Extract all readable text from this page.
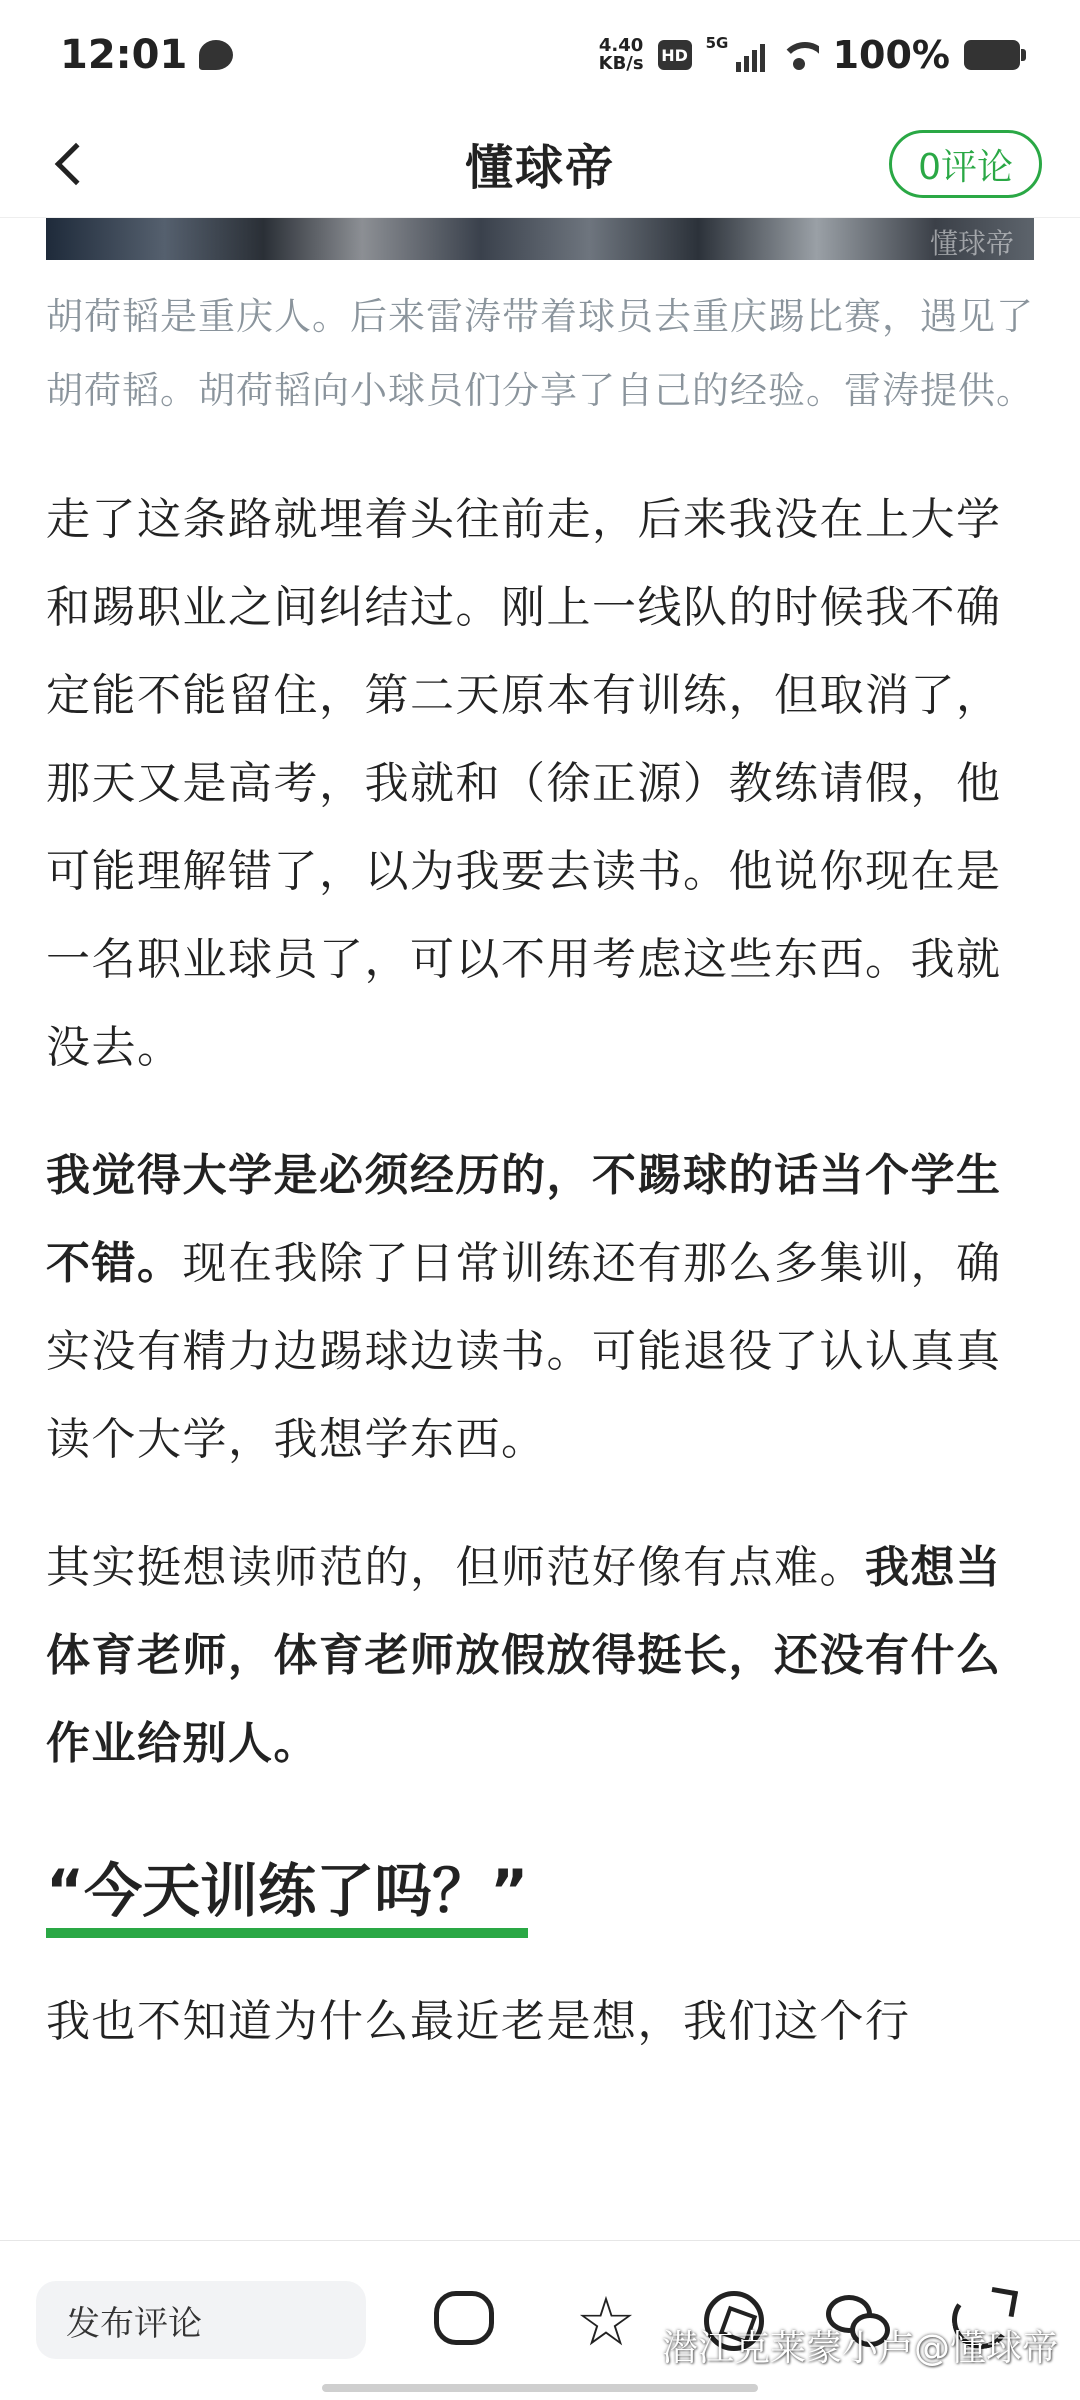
12:01	4.40
KB/s HD
5G	100%
懂球帝	0评论
懂球帝

胡荷韬是重庆人。后来雷涛带着球员去重庆踢比赛，遇见了胡荷韬。胡荷韬向小球员们分享了自己的经验。雷涛提供。

走了这条路就埋着头往前走，后来我没在上大学和踢职业之间纠结过。刚上一线队的时候我不确定能不能留住，第二天原本有训练，但取消了，那天又是高考，我就和（徐正源）教练请假，他可能理解错了，以为我要去读书。他说你现在是一名职业球员了，可以不用考虑这些东西。我就没去。

我觉得大学是必须经历的，不踢球的话当个学生不错。现在我除了日常训练还有那么多集训，确实没有精力边踢球边读书。可能退役了认认真真读个大学，我想学东西。

其实挺想读师范的，但师范好像有点难。我想当体育老师，体育老师放假放得挺长，还没有什么作业给别人。

“今天训练了吗？”

我也不知道为什么最近老是想，我们这个行

发布评论	☆ 潜江克莱蒙小卢@懂球帝
